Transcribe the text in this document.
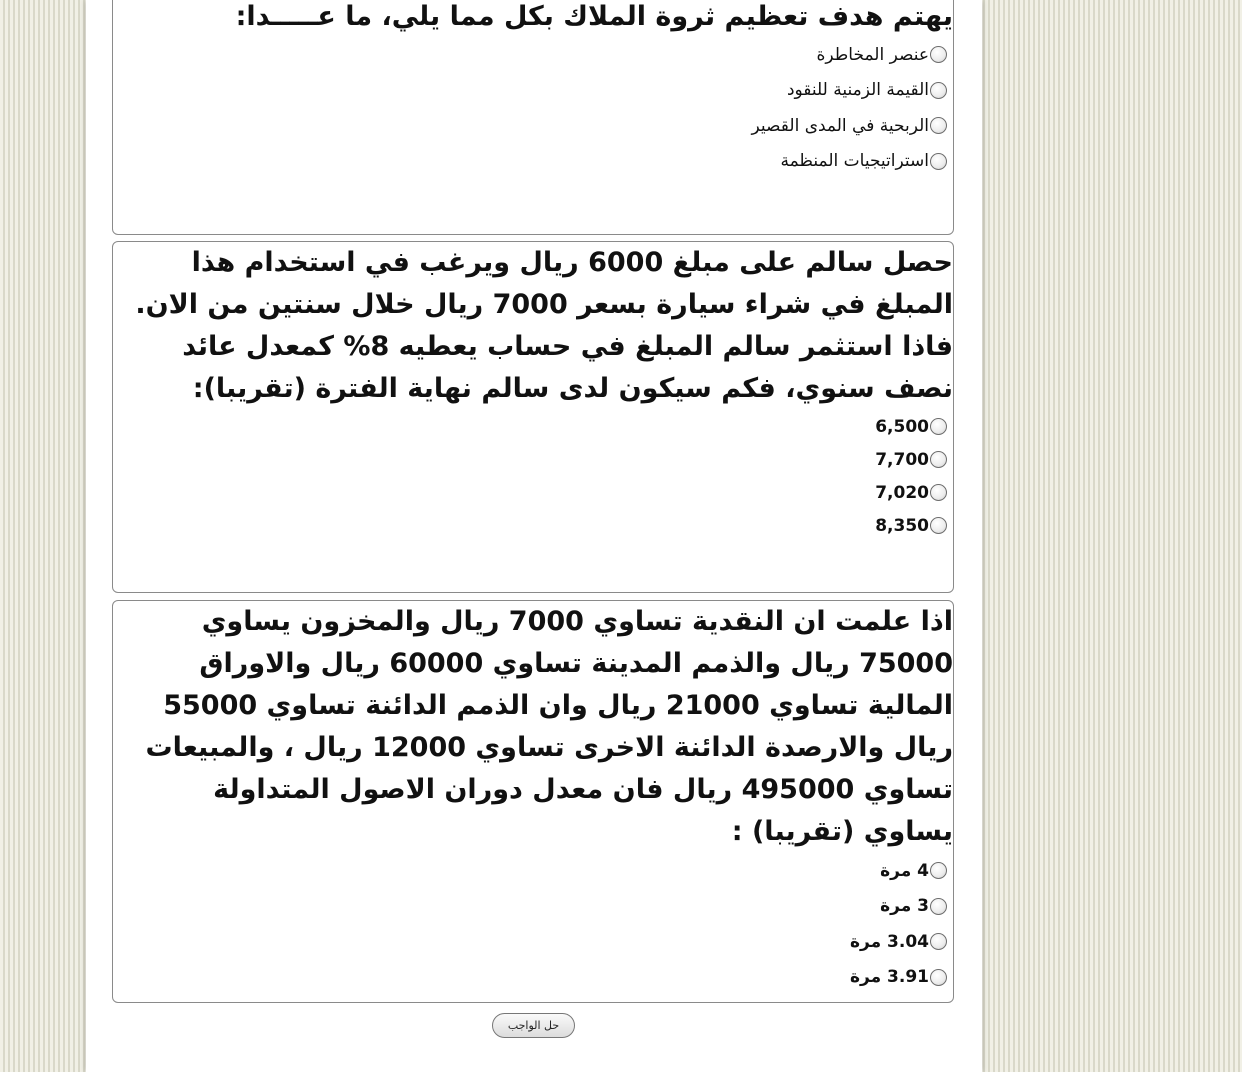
يهتم هدف تعظيم ثروة الملاك بكل مما يلي، ما عـــــدا:

عنصر المخاطرة
القيمة الزمنية للنقود
الربحية في المدى القصير
استراتيجيات المنظمة

حصل سالم على مبلغ 6000 ريال ويرغب في استخدام هذا المبلغ في شراء سيارة بسعر 7000 ريال خلال سنتين من الان. فاذا استثمر سالم المبلغ في حساب يعطيه 8% كمعدل عائد نصف سنوي، فكم سيكون لدى سالم نهاية الفترة (تقريبا):

6,500
7,700
7,020
8,350

اذا علمت ان النقدية تساوي 7000 ريال والمخزون يساوي 75000 ريال والذمم المدينة تساوي 60000 ريال والاوراق المالية تساوي 21000 ريال وان الذمم الدائنة تساوي 55000 ريال والارصدة الدائنة الاخرى تساوي 12000 ريال ، والمبيعات تساوي 495000 ريال فان معدل دوران الاصول المتداولة يساوي (تقريبا) :

4 مرة
3 مرة
3.04 مرة
3.91 مرة
حل الواجب
